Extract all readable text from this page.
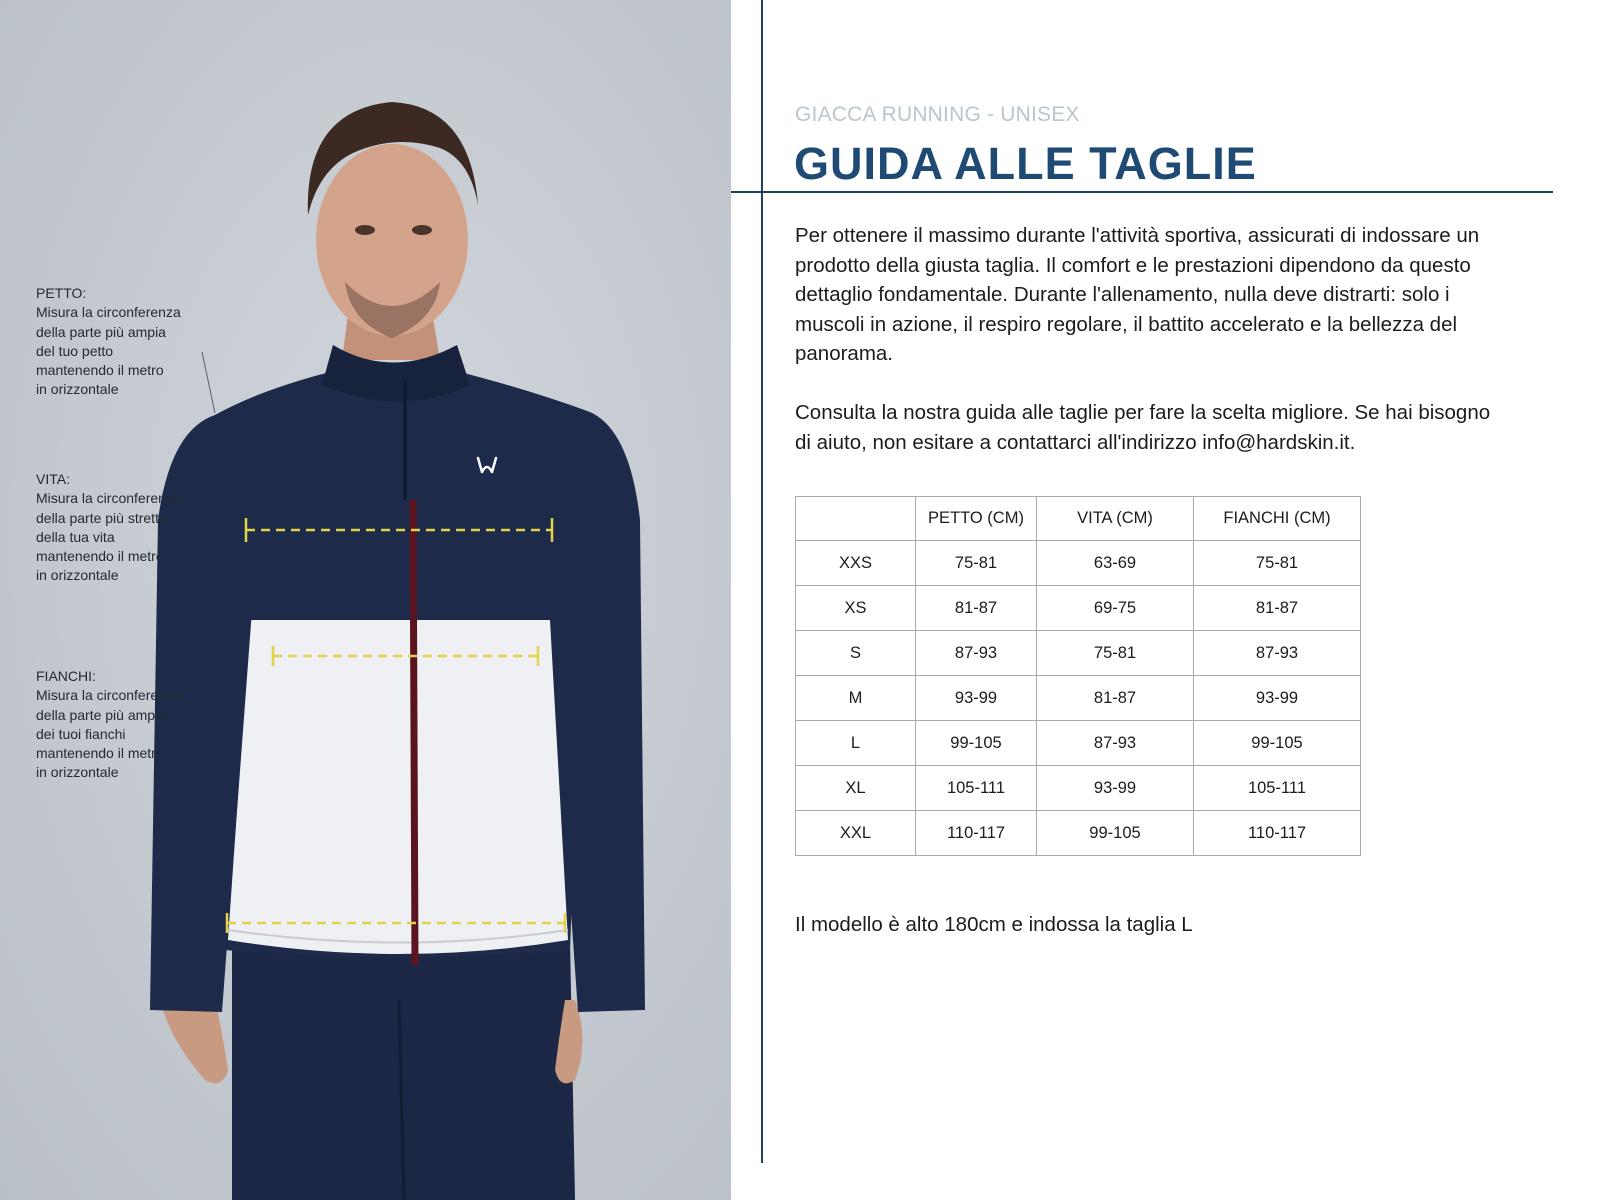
PETTO:
Misura la circonferenza
della parte più ampia
del tuo petto
mantenendo il metro
in orizzontale
VITA:
Misura la circonferenza
della parte più stretta
della tua vita
mantenendo il metro
in orizzontale
FIANCHI:
Misura la circonferenza
della parte più ampia
dei tuoi fianchi
mantenendo il metro
in orizzontale
GIACCA RUNNING - UNISEX
GUIDA ALLE TAGLIE

Per ottenere il massimo durante l'attività sportiva, assicurati di indossare un prodotto della giusta taglia. Il comfort e le prestazioni dipendono da questo dettaglio fondamentale. Durante l'allenamento, nulla deve distrarti: solo i muscoli in azione, il respiro regolare, il battito accelerato e la bellezza del panorama.

Consulta la nostra guida alle taglie per fare la scelta migliore. Se hai bisogno di aiuto, non esitare a contattarci all'indirizzo info@hardskin.it.

	PETTO (CM)	VITA (CM)	FIANCHI (CM)
XXS	75-81	63-69	75-81
XS	81-87	69-75	81-87
S	87-93	75-81	87-93
M	93-99	81-87	93-99
L	99-105	87-93	99-105
XL	105-111	93-99	105-111
XXL	110-117	99-105	110-117
Il modello è alto 180cm e indossa la taglia L
